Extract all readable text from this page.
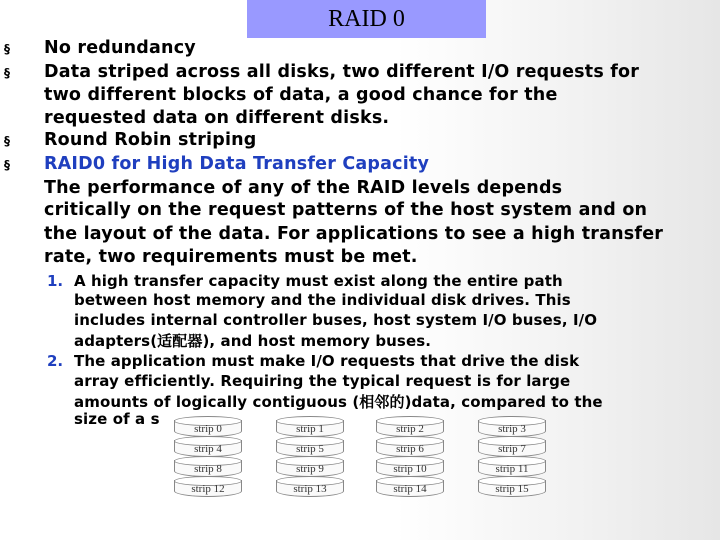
RAID 0
§
§
§
§
No redundancy
Data striped across all disks, two different I/O requests for
two different blocks of data, a good chance for the
requested data on different disks.
Round Robin striping
RAID0 for High Data Transfer Capacity
The performance of any of the RAID levels depends
critically on the request patterns of the host system and on
the layout of the data. For applications to see a high transfer
rate, two requirements must be met.
1. A high transfer capacity must exist along the entire path
between host memory and the individual disk drives. This
includes internal controller buses, host system I/O buses, I/O
adapters(适配器), and host memory buses.
2. The application must make I/O requests that drive the disk
array efficiently. Requiring the typical request is for large
amounts of logically contiguous (相邻的)data, compared to the
size of a s
strip 0
strip 4
strip 8
strip 12
strip 1
strip 5
strip 9
strip 13
strip 2
strip 6
strip 10
strip 14
strip 3
strip 7
strip 11
strip 15
